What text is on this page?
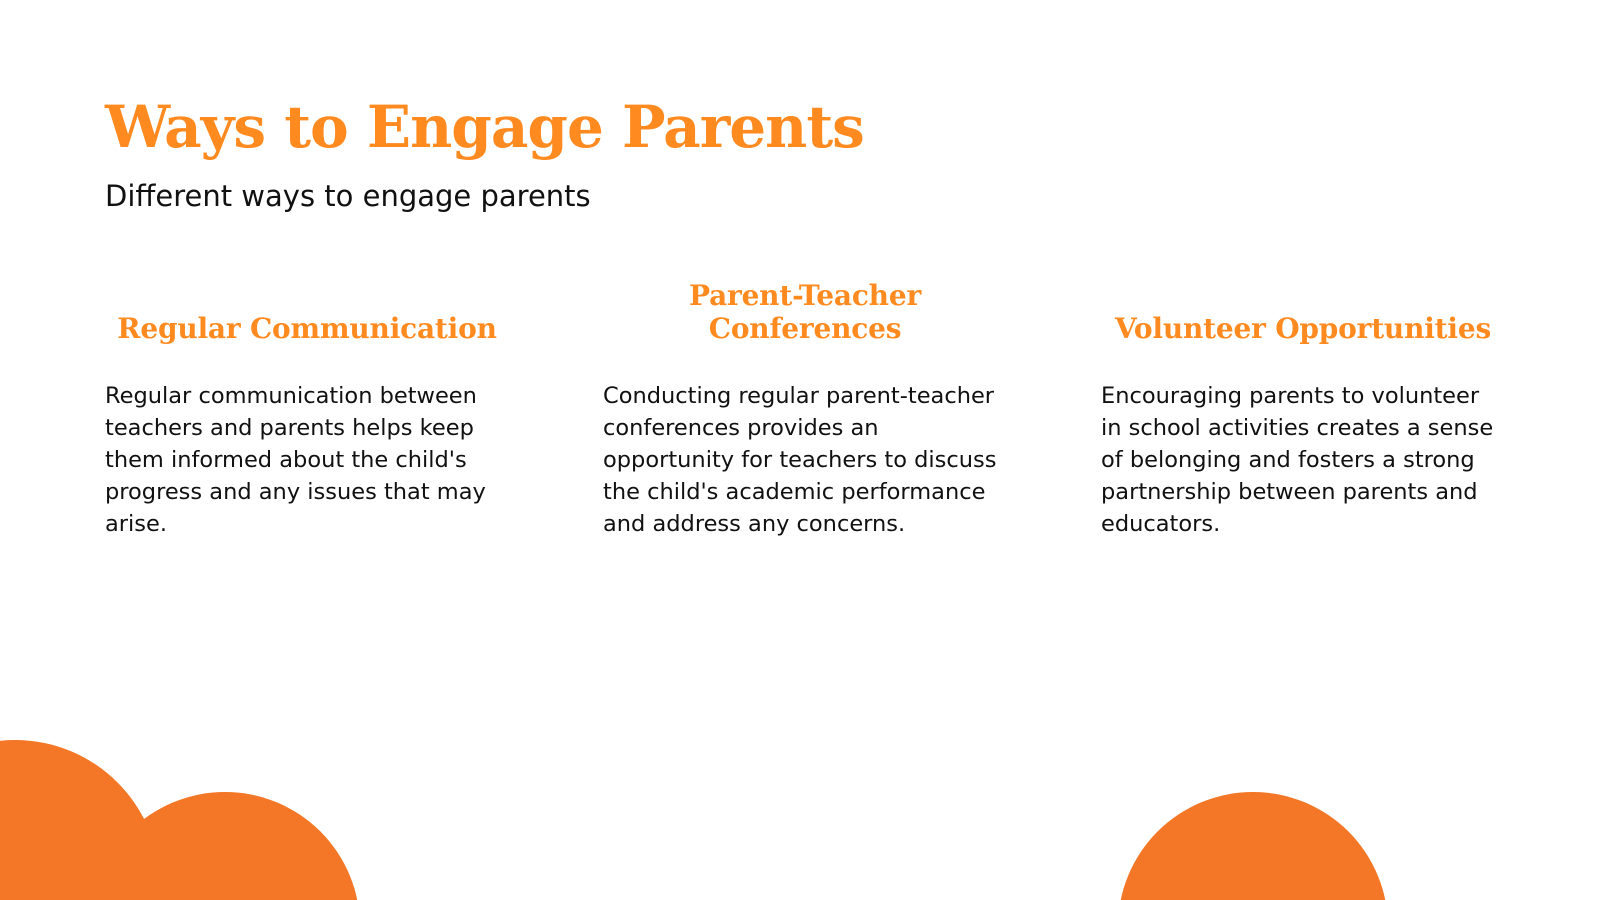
Ways to Engage Parents

Different ways to engage parents

Regular Communication

Regular communication between teachers and parents helps keep them informed about the child's progress and any issues that may arise.

Parent-Teacher Conferences

Conducting regular parent-teacher conferences provides an opportunity for teachers to discuss the child's academic performance and address any concerns.

Volunteer Opportunities

Encouraging parents to volunteer in school activities creates a sense of belonging and fosters a strong partnership between parents and educators.
